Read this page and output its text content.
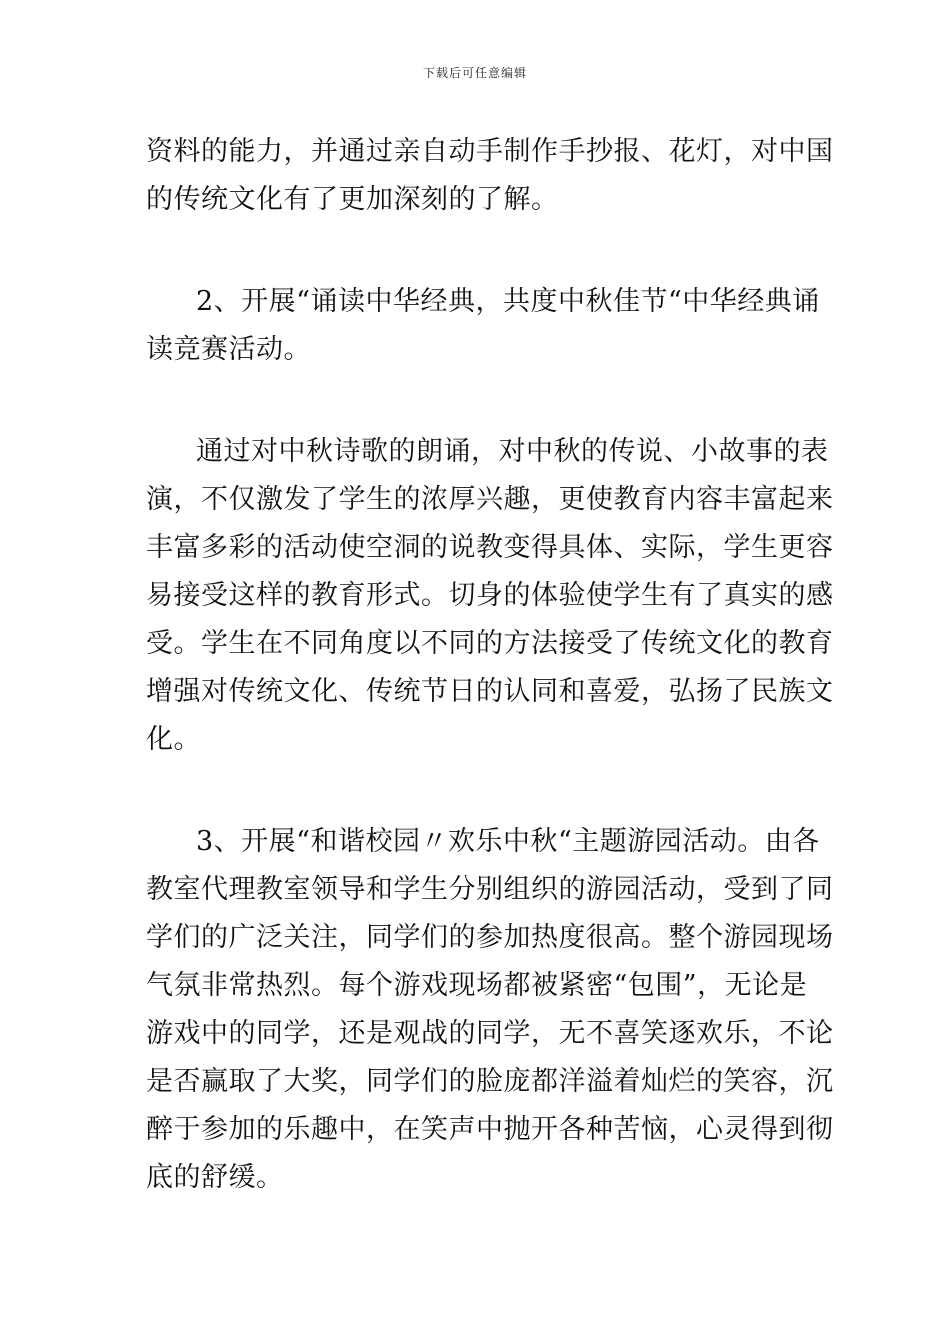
下载后可任意编辑
资料的能力，并通过亲自动手制作手抄报、花灯，对中国
的传统文化有了更加深刻的了解。
2、开展“诵读中华经典，共度中秋佳节“中华经典诵
读竞赛活动。
通过对中秋诗歌的朗诵，对中秋的传说、小故事的表
演，不仅激发了学生的浓厚兴趣，更使教育内容丰富起来
丰富多彩的活动使空洞的说教变得具体、实际，学生更容
易接受这样的教育形式。切身的体验使学生有了真实的感
受。学生在不同角度以不同的方法接受了传统文化的教育
增强对传统文化、传统节日的认同和喜爱，弘扬了民族文
化。
3、开展“和谐校园〃欢乐中秋“主题游园活动。由各
教室代理教室领导和学生分别组织的游园活动，受到了同
学们的广泛关注，同学们的参加热度很高。整个游园现场
气氛非常热烈。每个游戏现场都被紧密“包围”，无论是
游戏中的同学，还是观战的同学，无不喜笑逐欢乐，不论
是否赢取了大奖，同学们的脸庞都洋溢着灿烂的笑容，沉
醉于参加的乐趣中，在笑声中抛开各种苦恼，心灵得到彻
底的舒缓。
